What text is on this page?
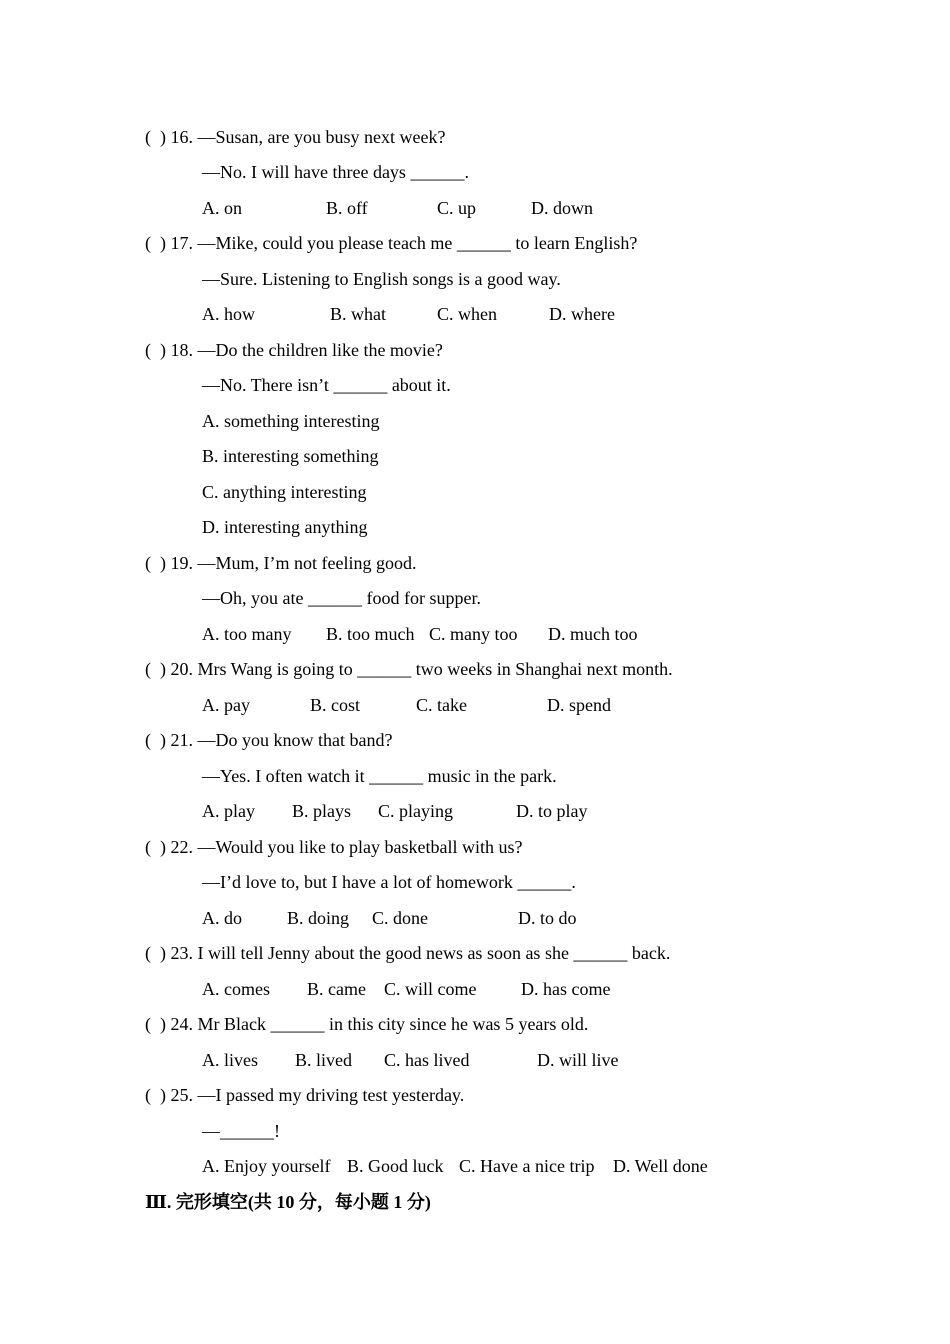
(  ) 16. —Susan, are you busy next week?
—No. I will have three days ______.
A. on	B. off	C. up	D. down
(  ) 17. —Mike, could you please teach me ______ to learn English?
—Sure. Listening to English songs is a good way.
A. how	B. what	C. when	D. where
(  ) 18. —Do the children like the movie?
—No. There isn’t ______ about it.
A. something interesting
B. interesting something
C. anything interesting
D. interesting anything
(  ) 19. —Mum, I’m not feeling good.
—Oh, you ate ______ food for supper.
A. too many B. too much C. many too D. much too
(  ) 20. Mrs Wang is going to ______ two weeks in Shanghai next month.
A. pay	B. cost	C. take	D. spend
(  ) 21. —Do you know that band?
—Yes. I often watch it ______ music in the park.
A. play B. plays C. playing	D. to play
(  ) 22. —Would you like to play basketball with us?
—I’d love to, but I have a lot of homework ______.
A. do	B. doing C. done	D. to do
(  ) 23. I will tell Jenny about the good news as soon as she ______ back.
A. comes B. came C. will come D. has come
(  ) 24. Mr Black ______ in this city since he was 5 years old.
A. lives B. lived C. has lived	D. will live
(  ) 25. —I passed my driving test yesterday.
—______!
A. Enjoy yourself B. Good luck C. Have a nice trip D. Well done
Ⅲ. 完形填空(共 10 分，每小题 1 分)
